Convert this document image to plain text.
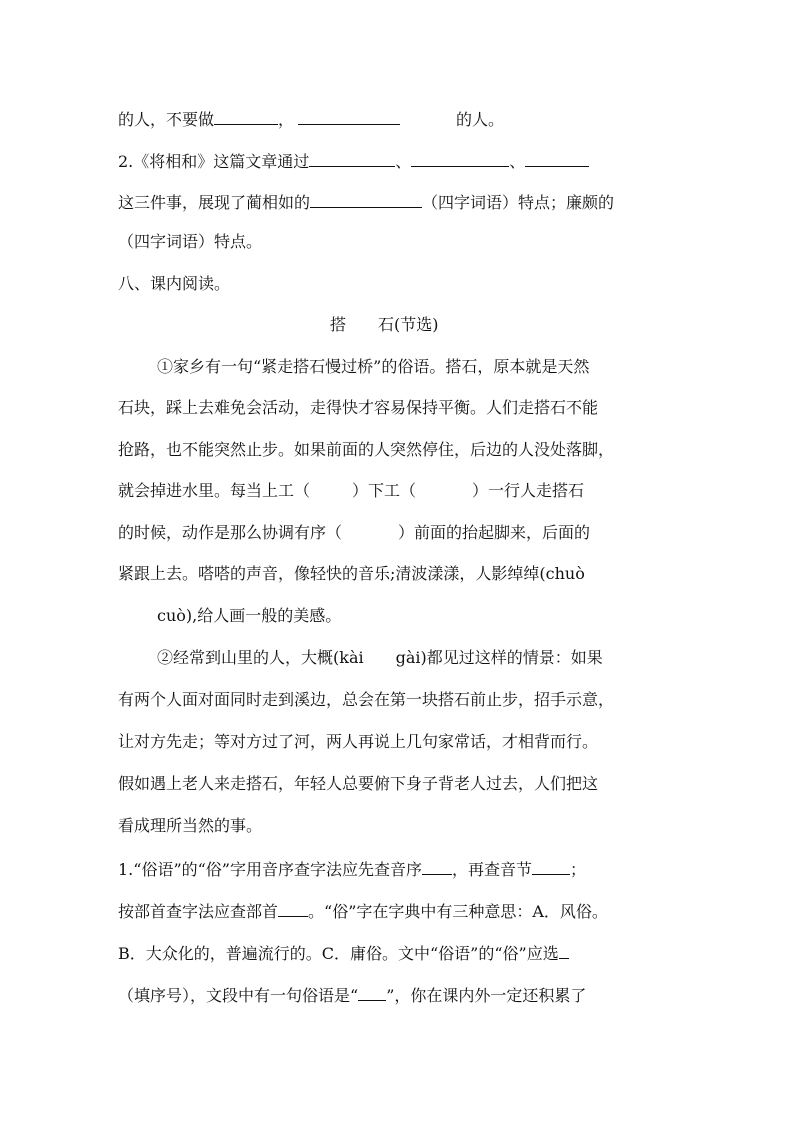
的人，不要做	，	的人。
2.《将相和》这篇文章通过	、	、
这三件事，展现了蔺相如的	（四字词语）特点；廉颇的
（四字词语）特点。
八、课内阅读。
搭　　石(节选)
①家乡有一句“紧走搭石慢过桥”的俗语。搭石，原本就是天然
石块，踩上去难免会活动，走得快才容易保持平衡。人们走搭石不能
抢路，也不能突然止步。如果前面的人突然停住，后边的人没处落脚，
就会掉进水里。每当上工（	）下工（	）一行人走搭石
的时候，动作是那么协调有序（	）前面的抬起脚来，后面的
紧跟上去。嗒嗒的声音，像轻快的音乐;清波漾漾，人影绰绰(chuò
cuò),给人画一般的美感。
②经常到山里的人，大概(kài　　gài)都见过这样的情景：如果
有两个人面对面同时走到溪边，总会在第一块搭石前止步，招手示意，
让对方先走；等对方过了河，两人再说上几句家常话，才相背而行。
假如遇上老人来走搭石，年轻人总要俯下身子背老人过去，人们把这
看成理所当然的事。
1.“俗语”的“俗”字用音序查字法应先查音序 ，再查音节 ；
按部首查字法应查部首 。“俗”字在字典中有三种意思：A．风俗。
B．大众化的，普遍流行的。C．庸俗。文中“俗语”的“俗”应选
（填序号），文段中有一句俗语是“ ”，你在课内外一定还积累了
